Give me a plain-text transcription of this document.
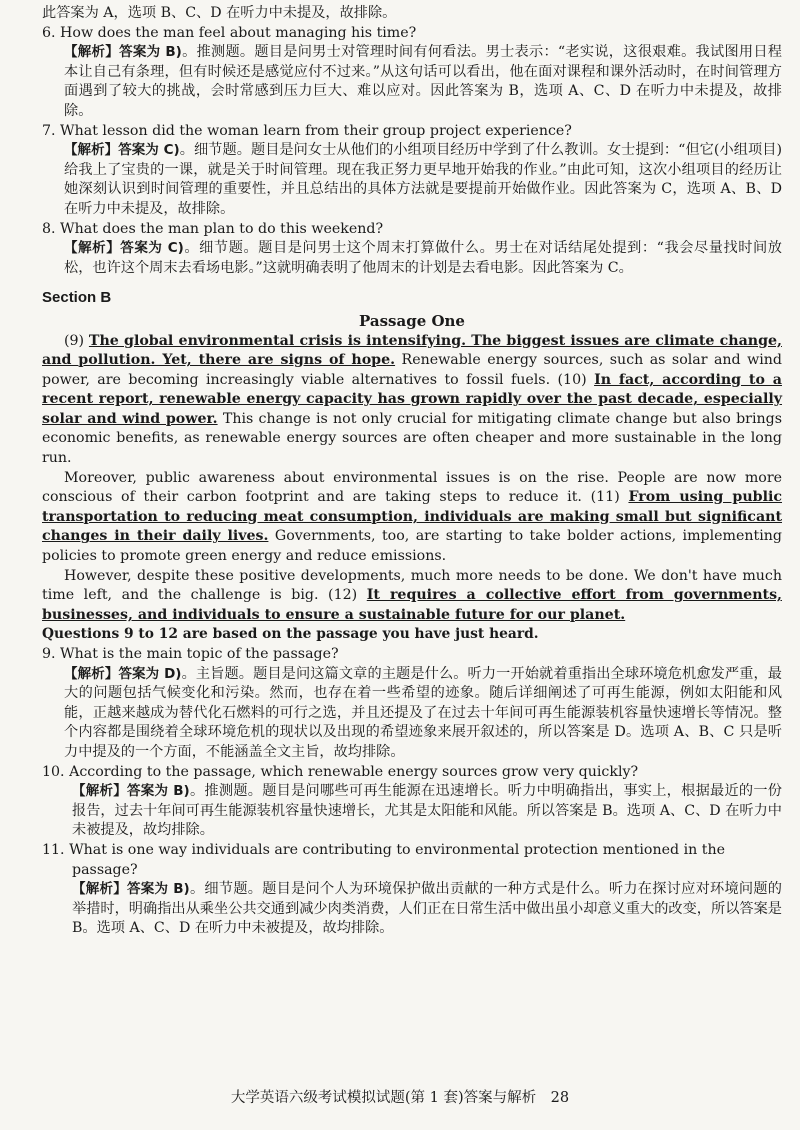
此答案为 A，选项 B、C、D 在听力中未提及，故排除。

6. How does the man feel about managing his time?

【解析】答案为 B)。推测题。题目是问男士对管理时间有何看法。男士表示：“老实说，这很艰难。我试图用日程本让自己有条理，但有时候还是感觉应付不过来。”从这句话可以看出，他在面对课程和课外活动时，在时间管理方面遇到了较大的挑战，会时常感到压力巨大、难以应对。因此答案为 B，选项 A、C、D 在听力中未提及，故排除。

7. What lesson did the woman learn from their group project experience?

【解析】答案为 C)。细节题。题目是问女士从他们的小组项目经历中学到了什么教训。女士提到：“但它(小组项目)给我上了宝贵的一课，就是关于时间管理。现在我正努力更早地开始我的作业。”由此可知，这次小组项目的经历让她深刻认识到时间管理的重要性，并且总结出的具体方法就是要提前开始做作业。因此答案为 C，选项 A、B、D 在听力中未提及，故排除。

8. What does the man plan to do this weekend?

【解析】答案为 C)。细节题。题目是问男士这个周末打算做什么。男士在对话结尾处提到：“我会尽量找时间放松，也许这个周末去看场电影。”这就明确表明了他周末的计划是去看电影。因此答案为 C。

Section B

Passage One

(9) The global environmental crisis is intensifying. The biggest issues are climate change, and pollution. Yet, there are signs of hope. Renewable energy sources, such as solar and wind power, are becoming increasingly viable alternatives to fossil fuels. (10) In fact, according to a recent report, renewable energy capacity has grown rapidly over the past decade, especially solar and wind power. This change is not only crucial for mitigating climate change but also brings economic benefits, as renewable energy sources are often cheaper and more sustainable in the long run.

Moreover, public awareness about environmental issues is on the rise. People are now more conscious of their carbon footprint and are taking steps to reduce it. (11) From using public transportation to reducing meat consumption, individuals are making small but significant changes in their daily lives. Governments, too, are starting to take bolder actions, implementing policies to promote green energy and reduce emissions.

However, despite these positive developments, much more needs to be done. We don't have much time left, and the challenge is big. (12) It requires a collective effort from governments, businesses, and individuals to ensure a sustainable future for our planet.

Questions 9 to 12 are based on the passage you have just heard.

9. What is the main topic of the passage?

【解析】答案为 D)。主旨题。题目是问这篇文章的主题是什么。听力一开始就着重指出全球环境危机愈发严重，最大的问题包括气候变化和污染。然而，也存在着一些希望的迹象。随后详细阐述了可再生能源，例如太阳能和风能，正越来越成为替代化石燃料的可行之选，并且还提及了在过去十年间可再生能源装机容量快速增长等情况。整个内容都是围绕着全球环境危机的现状以及出现的希望迹象来展开叙述的，所以答案是 D。选项 A、B、C 只是听力中提及的一个方面，不能涵盖全文主旨，故均排除。

10. According to the passage, which renewable energy sources grow very quickly?

【解析】答案为 B)。推测题。题目是问哪些可再生能源在迅速增长。听力中明确指出，事实上，根据最近的一份报告，过去十年间可再生能源装机容量快速增长，尤其是太阳能和风能。所以答案是 B。选项 A、C、D 在听力中未被提及，故均排除。

11. What is one way individuals are contributing to environmental protection mentioned in the passage?

【解析】答案为 B)。细节题。题目是问个人为环境保护做出贡献的一种方式是什么。听力在探讨应对环境问题的举措时，明确指出从乘坐公共交通到减少肉类消费，人们正在日常生活中做出虽小却意义重大的改变，所以答案是 B。选项 A、C、D 在听力中未被提及，故均排除。

大学英语六级考试模拟试题(第 1 套)答案与解析　28
